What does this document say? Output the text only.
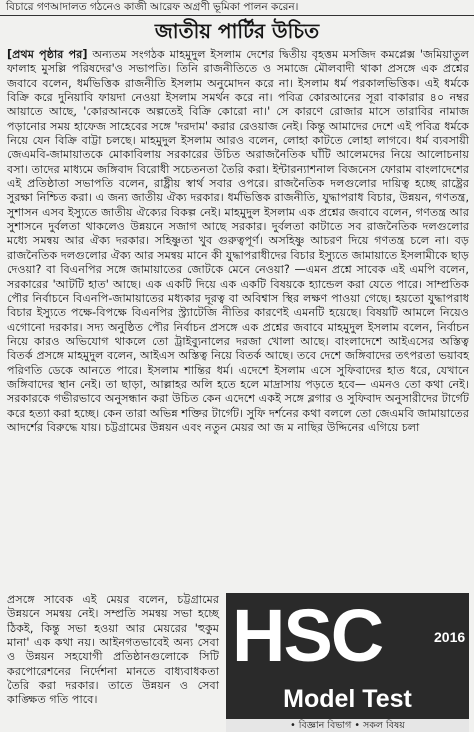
বিচারে গণআদালত গঠনেও কাজী আরেফ অগ্রণী ভূমিকা পালন করেন।
জাতীয় পার্টির উচিত

[প্রথম পৃষ্ঠার পর] অন্যতম সংগঠক মাহমুদুল ইসলাম দেশের দ্বিতীয় বৃহত্তম মসজিদ কমপ্লেক্স 'জমিয়াতুল ফালাহ মুসল্লি পরিষদের'ও সভাপতি। তিনি রাজনীতিতে ও সমাজে মৌলবাদী থাকা প্রসঙ্গে এক প্রশ্নের জবাবে বলেন, ধর্মভিত্তিক রাজনীতি ইসলাম অনুমোদন করে না। ইসলাম ধর্ম পরকালভিত্তিক। এই ধর্মকে বিক্রি করে দুনিয়াবি ফায়দা নেওয়া ইসলাম সমর্থন করে না। পবিত্র কোরআনের সূরা বাকারার ৪০ নম্বর আয়াতে আছে, 'কোরআনকে অল্পতেই বিক্রি কোরো না।' সে কারণে রোজার মাসে তারাবির নামাজ পড়ানোর সময় হাফেজ সাহেবের সঙ্গে 'দরদাম' করার রেওয়াজ নেই। কিন্তু আমাদের দেশে এই পবিত্র ধর্মকে নিয়ে যেন বিক্রি বাট্টা চলছে। মাহমুদুল ইসলাম আরও বলেন, লোহা কাটতে লোহা লাগবে। ধর্ম ব্যবসায়ী জেএমবি-জামায়াতকে মোকাবিলায় সরকারের উচিত অরাজনৈতিক ঘাঁটি আলেমদের নিয়ে আলোচনায় বসা। তাদের মাধ্যমে জঙ্গিবাদ বিরোধী সচেতনতা তৈরি করা। ইন্টারন্যাশনাল বিজনেস ফোরাম বাংলাদেশের এই প্রতিষ্ঠাতা সভাপতি বলেন, রাষ্ট্রীয় স্বার্থ সবার ওপরে। রাজনৈতিক দলগুলোর দায়িত্ব হচ্ছে রাষ্ট্রের সুরক্ষা নিশ্চিত করা। এ জন্য জাতীয় ঐক্য দরকার। ধর্মভিত্তিক রাজনীতি, যুদ্ধাপরাধ বিচার, উন্নয়ন, গণতন্ত্র, সুশাসন এসব ইস্যুতে জাতীয় ঐক্যের বিকল্প নেই। মাহমুদুল ইসলাম এক প্রশ্নের জবাবে বলেন, গণতন্ত্র আর সুশাসনে দুর্বলতা থাকলেও উন্নয়নে সজাগ আছে সরকার। দুর্বলতা কাটাতে সব রাজনৈতিক দলগুলোর মধ্যে সমন্বয় আর ঐক্য দরকার। সহিষ্ণুতা খুব গুরুত্বপূর্ণ। অসহিষ্ণু আচরণ দিয়ে গণতন্ত্র চলে না। বড় রাজনৈতিক দলগুলোর ঐক্য আর সমন্বয় মানে কী যুদ্ধাপরাধীদের বিচার ইস্যুতে জামায়াতে ইসলামীকে ছাড় দেওয়া? বা বিএনপির সঙ্গে জামায়াতের জোটকে মেনে নেওয়া? —এমন প্রশ্নে সাবেক এই এমপি বলেন, সরকারের 'আটটি হাত' আছে। এক একটি দিয়ে এক একটি বিষয়কে হ্যান্ডেল করা যেতে পারে। সাম্প্রতিক পৌর নির্বাচনে বিএনপি-জামায়াতের মধ্যকার দূরত্ব বা অবিশ্বাস স্থির লক্ষণ পাওয়া গেছে। হয়তো যুদ্ধাপরাধ বিচার ইস্যুতে পক্ষে-বিপক্ষে বিএনপির স্ট্র্যাটেজি নীতির কারণেই এমনটি হয়েছে। বিষয়টি আমলে নিয়েও এগোনো দরকার। সদ্য অনুষ্ঠিত পৌর নির্বাচন প্রসঙ্গে এক প্রশ্নের জবাবে মাহমুদুল ইসলাম বলেন, নির্বাচন নিয়ে কারও অভিযোগ থাকলে তো ট্রাইব্যুনালের দরজা খোলা আছে। বাংলাদেশে আইএসের অস্তিত্ব বিতর্ক প্রসঙ্গে মাহমুদুল বলেন, আইএস অস্তিত্ব নিয়ে বিতর্ক আছে। তবে দেশে জঙ্গিবাদের তৎপরতা ভয়াবহ পরিণতি ডেকে আনতে পারে। ইসলাম শান্তির ধর্ম। এদেশে ইসলাম এসে সুফিবাদের হাত ধরে, যেখানে জঙ্গিবাদের স্থান নেই। তা ছাড়া, আল্লাহর অলি হতে হলে মাদ্রাসায় পড়তে হবে— এমনও তো কথা নেই। সরকারকে গভীরভাবে অনুসন্ধান করা উচিত কেন এদেশে একই সঙ্গে ব্লগার ও সুফিবাদ অনুসারীদের টার্গেট করে হত্যা করা হচ্ছে। কেন তারা অভিন্ন শক্তির টার্গেট। সুফি দর্শনের কথা বললে তো জেএমবি জামায়াতের আদর্শের বিরুদ্ধে যায়। চট্টগ্রামের উন্নয়ন এবং নতুন মেয়র আ জ ম নাছির উদ্দিনের এগিয়ে চলা

প্রসঙ্গে সাবেক এই মেয়র বলেন, চট্টগ্রামের উন্নয়নে সমন্বয় নেই। সম্প্রতি সমন্বয় সভা হচ্ছে ঠিকই, কিন্তু সভা হওয়া আর মেয়রের 'হুকুম মানা' এক কথা নয়। আইনগতভাবেই অন্য সেবা ও উন্নয়ন সহযোগী প্রতিষ্ঠানগুলোকে সিটি করপোরেশনের নির্দেশনা মানতে বাধ্যবাধকতা তৈরি করা দরকার। তাতে উন্নয়ন ও সেবা কাঙ্ক্ষিত গতি পাবে।

HSC	2016
Model Test
• বিজ্ঞান বিভাগ • সকল বিষয়
